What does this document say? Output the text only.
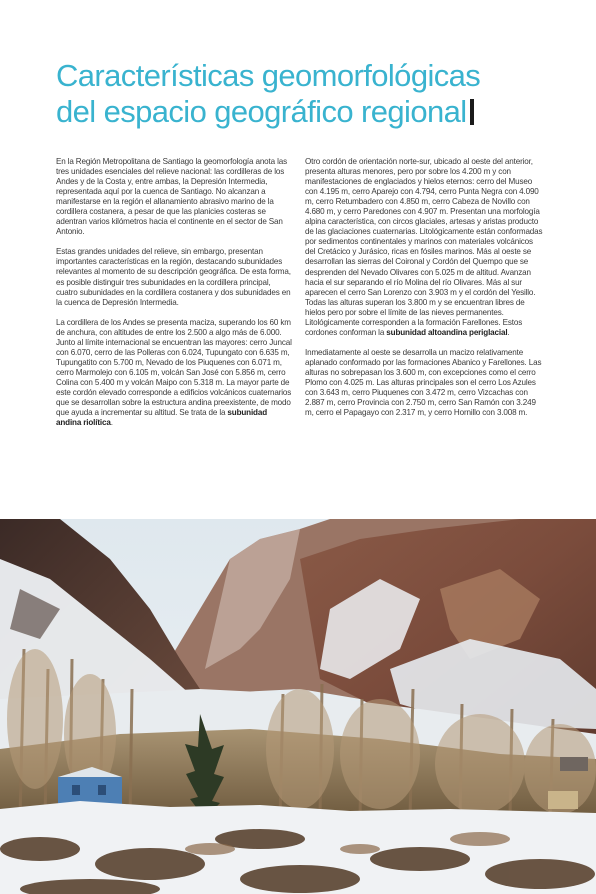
Características geomorfológicas
del espacio geográfico regional

En la Región Metropolitana de Santiago la geomorfología anota las tres unidades esenciales del relieve nacional: las cordilleras de los Andes y de la Costa y, entre ambas, la Depresión Intermedia, representada aquí por la cuenca de Santiago. No alcanzan a manifestarse en la región el allanamiento abrasivo marino de la cordillera costanera, a pesar de que las planicies costeras se adentran varios kilómetros hacia el continente en el sector de San Antonio.

Estas grandes unidades del relieve, sin embargo, presentan importantes características en la región, destacando subunidades relevantes al momento de su descripción geográfica. De esta forma, es posible distinguir tres subunidades en la cordillera principal, cuatro subunidades en la cordillera costanera y dos subunidades en la cuenca de Depresión Intermedia.

La cordillera de los Andes se presenta maciza, superando los 60 km de anchura, con altitudes de entre los 2.500 a algo más de 6.000. Junto al límite internacional se encuentran las mayores: cerro Juncal con 6.070, cerro de las Polleras con 6.024, Tupungato con 6.635 m, Tupungatito con 5.700 m, Nevado de los Piuquenes con 6.071 m, cerro Marmolejo con 6.105 m, volcán San José con 5.856 m, cerro Colina con 5.400 m y volcán Maipo con 5.318 m. La mayor parte de este cordón elevado corresponde a edificios volcánicos cuaternarios que se desarrollan sobre la estructura andina preexistente, de modo que ayuda a incrementar su altitud. Se trata de la subunidad andina riolítica.

Otro cordón de orientación norte-sur, ubicado al oeste del anterior, presenta alturas menores, pero por sobre los 4.200 m y con manifestaciones de englaciados y hielos eternos: cerro del Museo con 4.195 m, cerro Aparejo con 4.794, cerro Punta Negra con 4.090 m, cerro Retumbadero con 4.850 m, cerro Cabeza de Novillo con 4.680 m, y cerro Paredones con 4.907 m. Presentan una morfología alpina característica, con circos glaciales, artesas y aristas producto de las glaciaciones cuaternarias. Litológicamente están conformadas por sedimentos continentales y marinos con materiales volcánicos del Cretácico y Jurásico, ricas en fósiles marinos. Más al oeste se desarrollan las sierras del Coironal y Cordón del Quempo que se desprenden del Nevado Olivares con 5.025 m de altitud. Avanzan hacia el sur separando el río Molina del río Olivares. Más al sur aparecen el cerro San Lorenzo con 3.903 m y el cordón del Yesillo. Todas las alturas superan los 3.800 m y se encuentran libres de hielos pero por sobre el límite de las nieves permanentes. Litológicamente corresponden a la formación Farellones. Estos cordones conforman la subunidad altoandina periglacial.

Inmediatamente al oeste se desarrolla un macizo relativamente aplanado conformado por las formaciones Abanico y Farellones. Las alturas no sobrepasan los 3.600 m, con excepciones como el cerro Plomo con 4.025 m. Las alturas principales son el cerro Los Azules con 3.643 m, cerro Piuquenes con 3.472 m, cerro Vizcachas con 2.887 m, cerro Provincia con 2.750 m, cerro San Ramón con 3.249 m, cerro el Papagayo con 2.317 m, y cerro Hornillo con 3.008 m.
